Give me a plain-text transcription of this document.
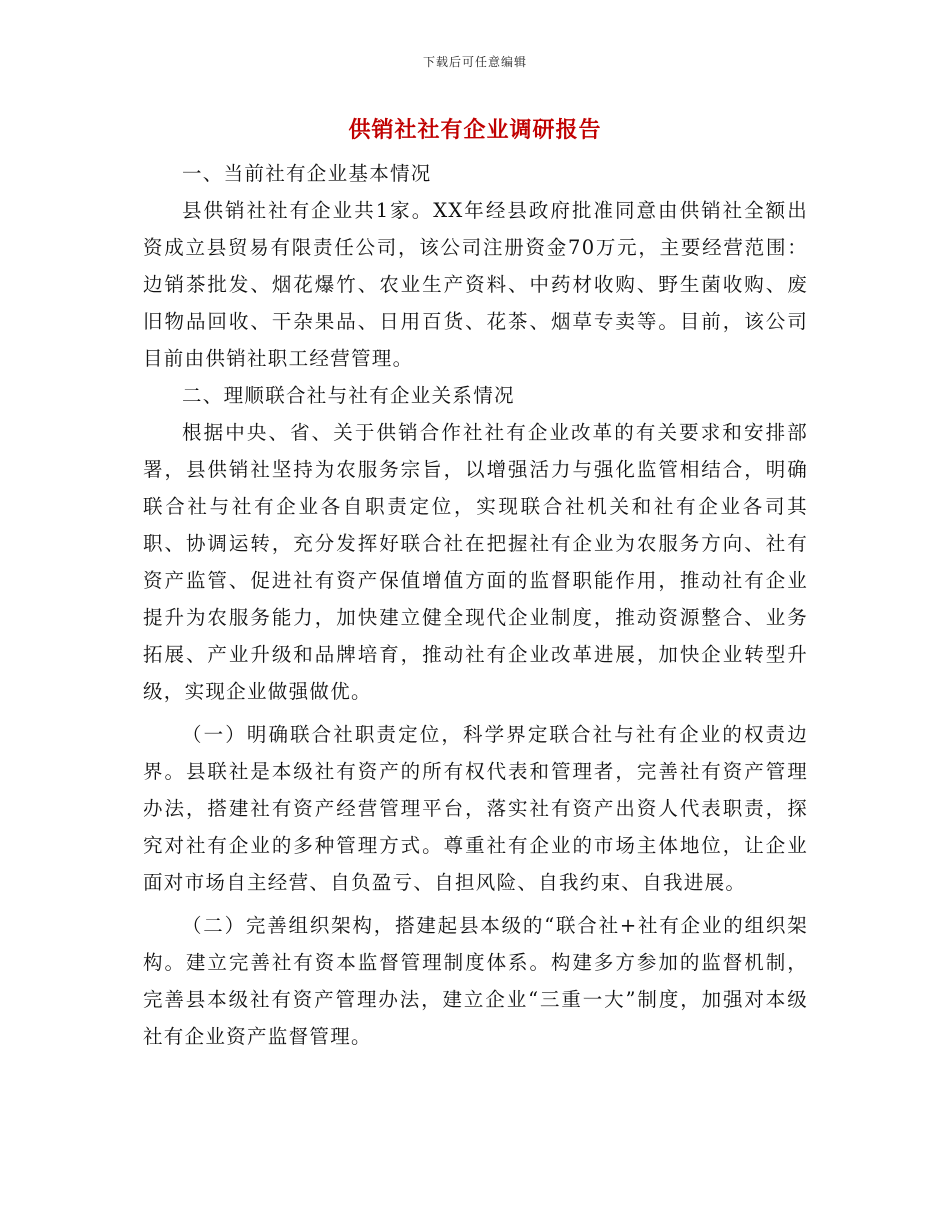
下载后可任意编辑
供销社社有企业调研报告

一、当前社有企业基本情况

县供销社社有企业共1家。XX年经县政府批准同意由供销社全额出资成立县贸易有限责任公司，该公司注册资金70万元，主要经营范围：边销茶批发、烟花爆竹、农业生产资料、中药材收购、野生菌收购、废旧物品回收、干杂果品、日用百货、花茶、烟草专卖等。目前，该公司目前由供销社职工经营管理。

二、理顺联合社与社有企业关系情况

根据中央、省、关于供销合作社社有企业改革的有关要求和安排部署，县供销社坚持为农服务宗旨，以增强活力与强化监管相结合，明确联合社与社有企业各自职责定位，实现联合社机关和社有企业各司其职、协调运转，充分发挥好联合社在把握社有企业为农服务方向、社有资产监管、促进社有资产保值增值方面的监督职能作用，推动社有企业提升为农服务能力，加快建立健全现代企业制度，推动资源整合、业务拓展、产业升级和品牌培育，推动社有企业改革进展，加快企业转型升级，实现企业做强做优。

（一）明确联合社职责定位，科学界定联合社与社有企业的权责边界。县联社是本级社有资产的所有权代表和管理者，完善社有资产管理办法，搭建社有资产经营管理平台，落实社有资产出资人代表职责，探究对社有企业的多种管理方式。尊重社有企业的市场主体地位，让企业面对市场自主经营、自负盈亏、自担风险、自我约束、自我进展。

（二）完善组织架构，搭建起县本级的“联合社+社有企业的组织架构。建立完善社有资本监督管理制度体系。构建多方参加的监督机制，完善县本级社有资产管理办法，建立企业“三重一大”制度，加强对本级社有企业资产监督管理。
